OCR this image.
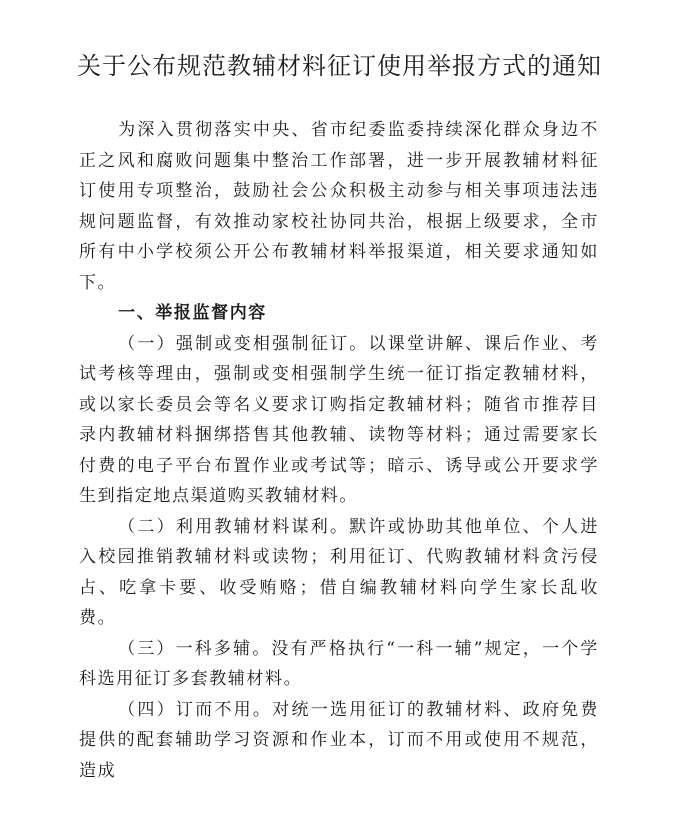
关于公布规范教辅材料征订使用举报方式的通知

为深入贯彻落实中央、省市纪委监委持续深化群众身边不正之风和腐败问题集中整治工作部署，进一步开展教辅材料征订使用专项整治，鼓励社会公众积极主动参与相关事项违法违规问题监督，有效推动家校社协同共治，根据上级要求，全市所有中小学校须公开公布教辅材料举报渠道，相关要求通知如下。

一、举报监督内容

（一）强制或变相强制征订。以课堂讲解、课后作业、考试考核等理由，强制或变相强制学生统一征订指定教辅材料，或以家长委员会等名义要求订购指定教辅材料；随省市推荐目录内教辅材料捆绑搭售其他教辅、读物等材料；通过需要家长付费的电子平台布置作业或考试等；暗示、诱导或公开要求学生到指定地点渠道购买教辅材料。

（二）利用教辅材料谋利。默许或协助其他单位、个人进入校园推销教辅材料或读物；利用征订、代购教辅材料贪污侵占、吃拿卡要、收受贿赂；借自编教辅材料向学生家长乱收费。

（三）一科多辅。没有严格执行“一科一辅”规定，一个学科选用征订多套教辅材料。

（四）订而不用。对统一选用征订的教辅材料、政府免费提供的配套辅助学习资源和作业本，订而不用或使用不规范，造成
